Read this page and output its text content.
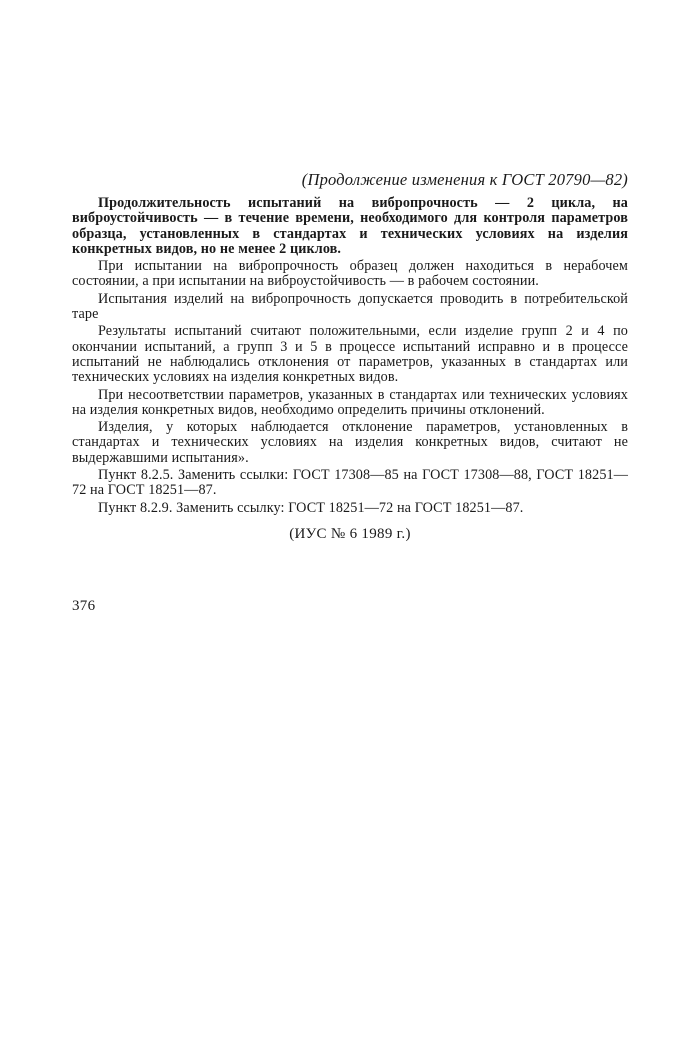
(Продолжение изменения к ГОСТ 20790—82)

Продолжительность испытаний на вибропрочность — 2 цикла, на виброустойчивость — в течение времени, необходимого для контроля параметров образца, установленных в стандартах и технических условиях на изделия конкретных видов, но не менее 2 циклов.

При испытании на вибропрочность образец должен находиться в нерабочем состоянии, а при испытании на виброустойчивость — в рабочем состоянии.

Испытания изделий на вибропрочность допускается проводить в потребительской таре

Результаты испытаний считают положительными, если изделие групп 2 и 4 по окончании испытаний, а групп 3 и 5 в процессе испытаний исправно и в процессе испытаний не наблюдались отклонения от параметров, указанных в стандартах или технических условиях на изделия конкретных видов.

При несоответствии параметров, указанных в стандартах или технических условиях на изделия конкретных видов, необходимо определить причины отклонений.

Изделия, у которых наблюдается отклонение параметров, установленных в стандартах и технических условиях на изделия конкретных видов, считают не выдержавшими испытания».

Пункт 8.2.5. Заменить ссылки: ГОСТ 17308—85 на ГОСТ 17308—88, ГОСТ 18251—72 на ГОСТ 18251—87.

Пункт 8.2.9. Заменить ссылку: ГОСТ 18251—72 на ГОСТ 18251—87.

(ИУС № 6 1989 г.)

376
